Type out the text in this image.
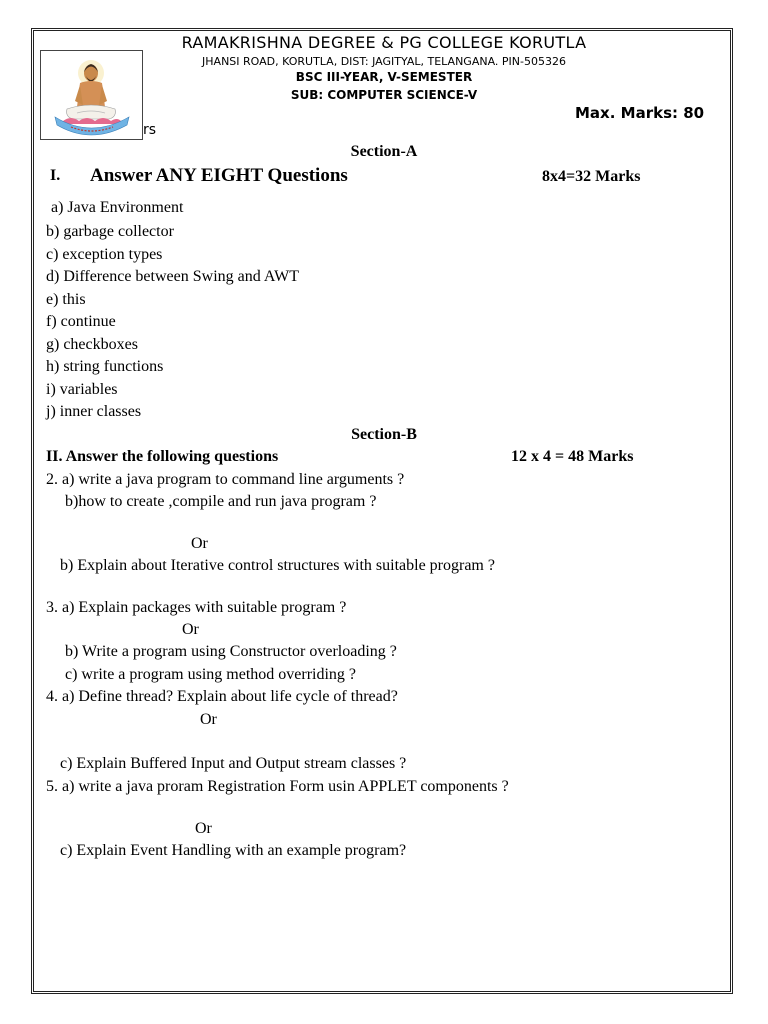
RAMAKRISHNA DEGREE & PG COLLEGE KORUTLA
JHANSI ROAD, KORUTLA, DIST: JAGITYAL, TELANGANA. PIN-505326
BSC III-YEAR, V-SEMESTER
SUB: COMPUTER SCIENCE-V
Max. Marks: 80
rs
Section-A
I. Answer ANY EIGHT Questions	8x4=32 Marks
a) Java Environment
b) garbage collector
c) exception types
d) Difference between Swing and AWT
e) this
f) continue
g) checkboxes
h) string functions
i) variables
j) inner classes
Section-B
II. Answer the following questions	12 x 4 = 48 Marks
2. a) write a java program to command line arguments ?
b)how to create ,compile and run java program ?
Or
b) Explain about Iterative control structures with suitable program ?
3. a) Explain packages with suitable program ?
Or
b) Write a program using Constructor overloading ?
c) write a program using method overriding ?
4. a) Define thread? Explain about life cycle of thread?
Or
c) Explain Buffered Input and Output stream classes ?
5. a) write a java proram Registration Form usin APPLET components ?
Or
c) Explain Event Handling with an example program?
